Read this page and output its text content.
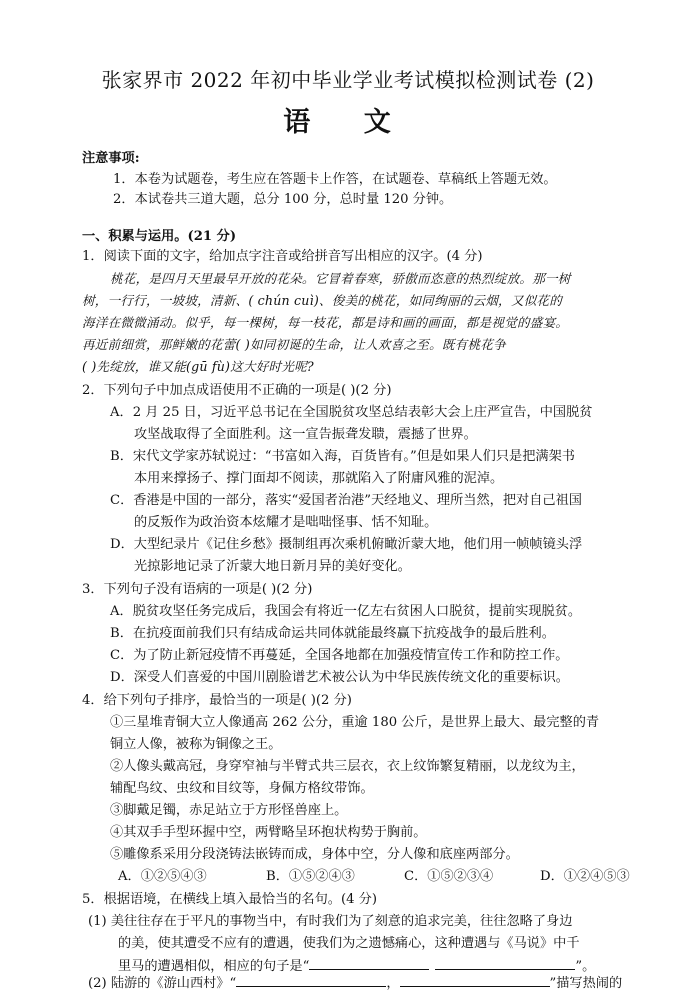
张家界市 2022 年初中毕业学业考试模拟检测试卷 (2)
语 文
注意事项:
1．本卷为试题卷，考生应在答题卡上作答，在试题卷、草稿纸上答题无效。
2．本试卷共三道大题，总分 100 分，总时量 120 分钟。
一、积累与运用。(21 分)
1．阅读下面的文字，给加点字注音或给拼音写出相应的汉字。(4 分)
桃花，是四月天里最早开放的花朵。它冒着春寒，骄傲而恣意的热烈绽放。那一树
树，一行行，一坡坡，清新、( chún cuì)、俊美的桃花，如同绚丽的云烟，又似花的
海洋在微微涌动。似乎，每一棵树，每一枝花，都是诗和画的画面，都是视觉的盛宴。
再近前细赏，那鲜嫩的花蕾( )如同初诞的生命，让人欢喜之至。既有桃花争
( )先绽放，谁又能(gū fù)这大好时光呢?
2．下列句子中加点成语使用不正确的一项是( )(2 分)
A．2 月 25 日，习近平总书记在全国脱贫攻坚总结表彰大会上庄严宣告，中国脱贫
攻坚战取得了全面胜利。这一宣告振聋发聩，震撼了世界。
B．宋代文学家苏轼说过：“书富如入海，百货皆有。”但是如果人们只是把满架书
本用来撑扬子、撑门面却不阅读，那就陷入了附庸风雅的泥淖。
C．香港是中国的一部分，落实“爱国者治港”天经地义、理所当然，把对自己祖国
的反叛作为政治资本炫耀才是咄咄怪事、恬不知耻。
D．大型纪录片《记住乡愁》摄制组再次乘机俯瞰沂蒙大地，他们用一帧帧镜头浮
光掠影地记录了沂蒙大地日新月异的美好变化。
3．下列句子没有语病的一项是( )(2 分)
A．脱贫攻坚任务完成后，我国会有将近一亿左右贫困人口脱贫，提前实现脱贫。
B．在抗疫面前我们只有结成命运共同体就能最终赢下抗疫战争的最后胜利。
C．为了防止新冠疫情不再蔓延，全国各地都在加强疫情宣传工作和防控工作。
D．深受人们喜爱的中国川剧脸谱艺术被公认为中华民族传统文化的重要标识。
4．给下列句子排序，最恰当的一项是( )(2 分)
①三星堆青铜大立人像通高 262 公分，重逾 180 公斤，是世界上最大、最完整的青
铜立人像，被称为铜像之王。
②人像头戴高冠，身穿窄袖与半臂式共三层衣，衣上纹饰繁复精丽，以龙纹为主，
辅配鸟纹、虫纹和目纹等，身佩方格纹带饰。
③脚戴足镯，赤足站立于方形怪兽座上。
④其双手手型环握中空，两臂略呈环抱状构势于胸前。
⑤雕像系采用分段浇铸法嵌铸而成，身体中空，分人像和底座两部分。
A．①②⑤④③	B．①⑤②④③	C．①⑤②③④	D．①②④⑤③
5．根据语境，在横线上填入最恰当的名句。(4 分)
(1) 美往往存在于平凡的事物当中，有时我们为了刻意的追求完美，往往忽略了身边
的美，使其遭受不应有的遭遇，使我们为之遗憾痛心，这种遭遇与《马说》中千
里马的遭遇相似，相应的句子是“	”。
(2) 陆游的《游山西村》“	，	”描写热闹的
